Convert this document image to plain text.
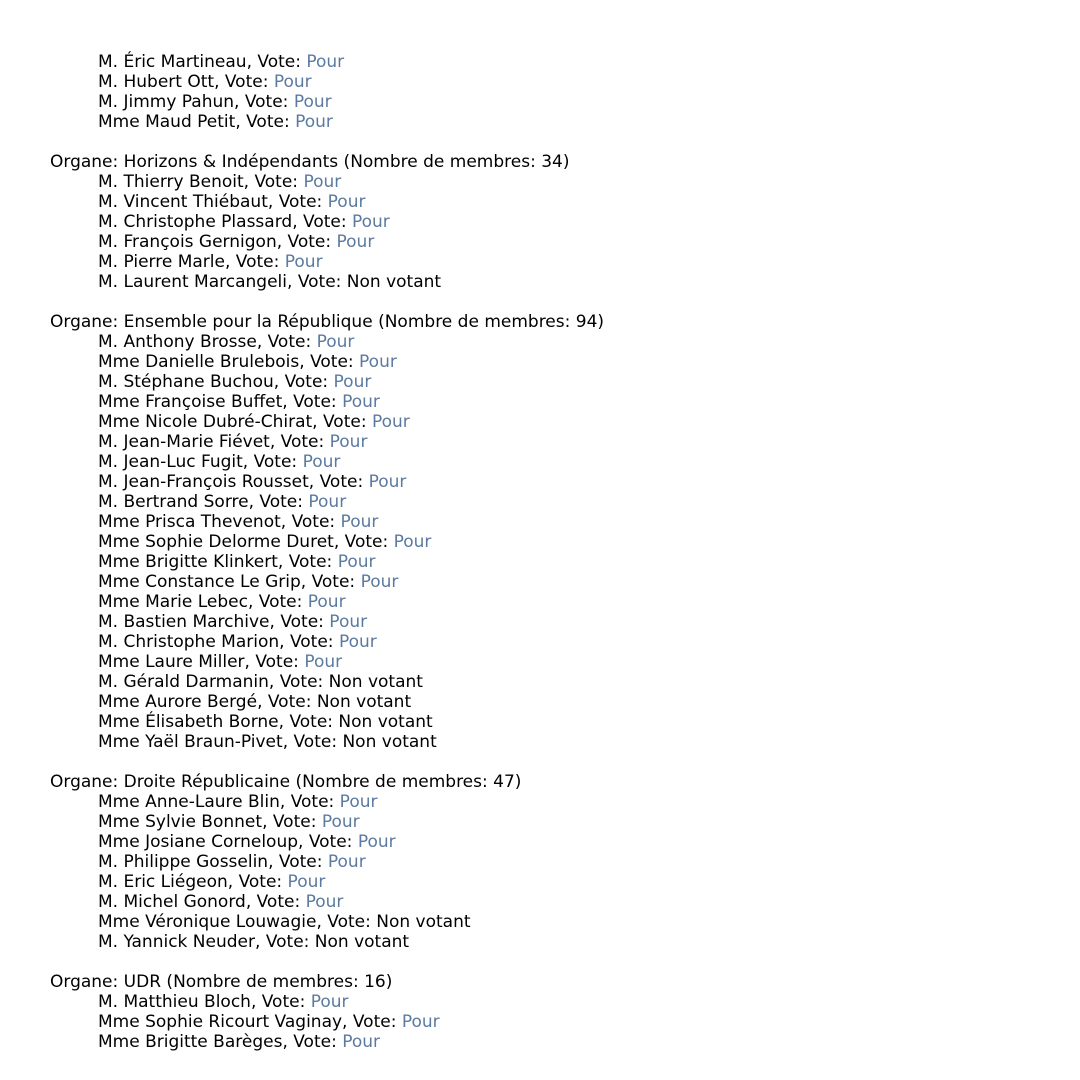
M. Éric Martineau, Vote: Pour
M. Hubert Ott, Vote: Pour
M. Jimmy Pahun, Vote: Pour
Mme Maud Petit, Vote: Pour
Organe: Horizons & Indépendants (Nombre de membres: 34)
M. Thierry Benoit, Vote: Pour
M. Vincent Thiébaut, Vote: Pour
M. Christophe Plassard, Vote: Pour
M. François Gernigon, Vote: Pour
M. Pierre Marle, Vote: Pour
M. Laurent Marcangeli, Vote: Non votant
Organe: Ensemble pour la République (Nombre de membres: 94)
M. Anthony Brosse, Vote: Pour
Mme Danielle Brulebois, Vote: Pour
M. Stéphane Buchou, Vote: Pour
Mme Françoise Buffet, Vote: Pour
Mme Nicole Dubré-Chirat, Vote: Pour
M. Jean-Marie Fiévet, Vote: Pour
M. Jean-Luc Fugit, Vote: Pour
M. Jean-François Rousset, Vote: Pour
M. Bertrand Sorre, Vote: Pour
Mme Prisca Thevenot, Vote: Pour
Mme Sophie Delorme Duret, Vote: Pour
Mme Brigitte Klinkert, Vote: Pour
Mme Constance Le Grip, Vote: Pour
Mme Marie Lebec, Vote: Pour
M. Bastien Marchive, Vote: Pour
M. Christophe Marion, Vote: Pour
Mme Laure Miller, Vote: Pour
M. Gérald Darmanin, Vote: Non votant
Mme Aurore Bergé, Vote: Non votant
Mme Élisabeth Borne, Vote: Non votant
Mme Yaël Braun-Pivet, Vote: Non votant
Organe: Droite Républicaine (Nombre de membres: 47)
Mme Anne-Laure Blin, Vote: Pour
Mme Sylvie Bonnet, Vote: Pour
Mme Josiane Corneloup, Vote: Pour
M. Philippe Gosselin, Vote: Pour
M. Eric Liégeon, Vote: Pour
M. Michel Gonord, Vote: Pour
Mme Véronique Louwagie, Vote: Non votant
M. Yannick Neuder, Vote: Non votant
Organe: UDR (Nombre de membres: 16)
M. Matthieu Bloch, Vote: Pour
Mme Sophie Ricourt Vaginay, Vote: Pour
Mme Brigitte Barèges, Vote: Pour
